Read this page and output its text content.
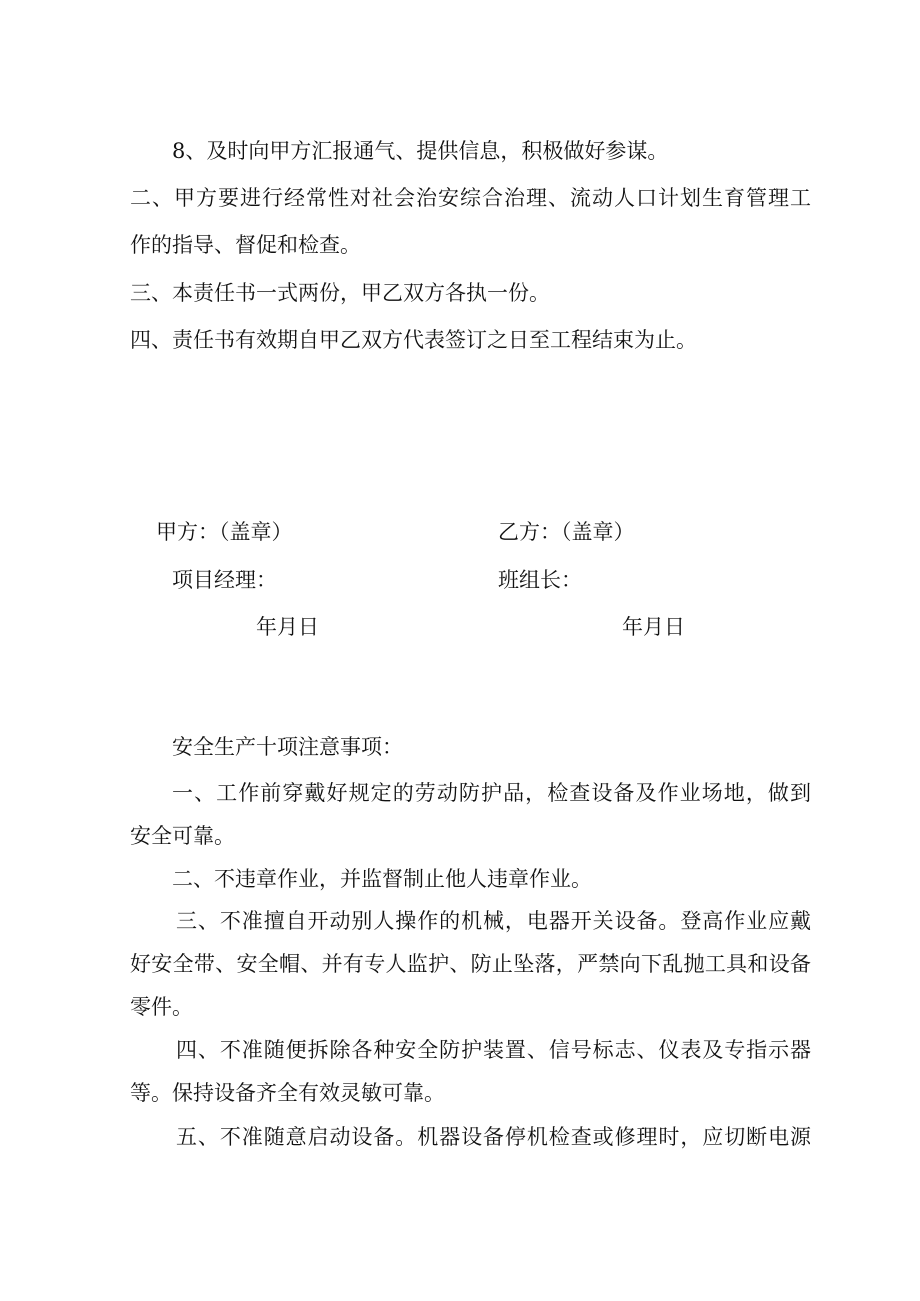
8、及时向甲方汇报通气、提供信息，积极做好参谋。
二、甲方要进行经常性对社会治安综合治理、流动人口计划生育管理工
作的指导、督促和检查。
三、本责任书一式两份，甲乙双方各执一份。
四、责任书有效期自甲乙双方代表签订之日至工程结束为止。
甲方：（盖章）	乙方：（盖章）
项目经理：	班组长：
年月日	年月日
安全生产十项注意事项：
一、工作前穿戴好规定的劳动防护品，检查设备及作业场地，做到
安全可靠。
二、不违章作业，并监督制止他人违章作业。
三、不准擅自开动别人操作的机械，电器开关设备。登高作业应戴
好安全带、安全帽、并有专人监护、防止坠落，严禁向下乱抛工具和设备
零件。
四、不准随便拆除各种安全防护装置、信号标志、仪表及专指示器
等。保持设备齐全有效灵敏可靠。
五、不准随意启动设备。机器设备停机检查或修理时，应切断电源
